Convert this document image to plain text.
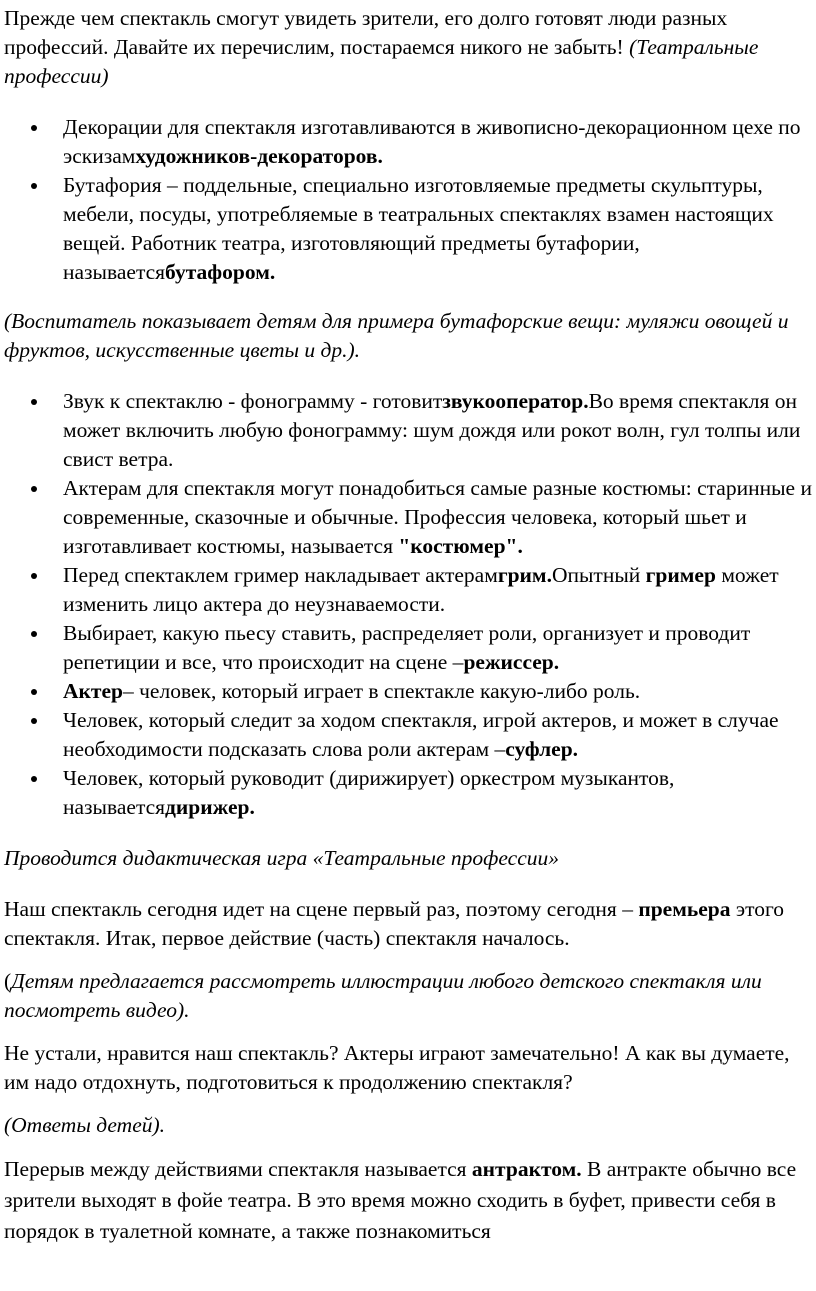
Прежде чем спектакль смогут увидеть зрители, его долго готовят люди разных профессий. Давайте их перечислим, постараемся никого не забыть! (Театральные профессии)

Декорации для спектакля изготавливаются в живописно-декорационном цехе по эскизамхудожников-декораторов.
Бутафория – поддельные, специально изготовляемые предметы скульптуры, мебели, посуды, употребляемые в театральных спектаклях взамен настоящих вещей. Работник театра, изготовляющий предметы бутафории, называетсябутафором.

(Воспитатель показывает детям для примера бутафорские вещи: муляжи овощей и фруктов, искусственные цветы и др.).

Звук к спектаклю - фонограмму - готовитзвукооператор.Во время спектакля он может включить любую фонограмму: шум дождя или рокот волн, гул толпы или свист ветра.
Актерам для спектакля могут понадобиться самые разные костюмы: старинные и современные, сказочные и обычные. Профессия человека, который шьет и изготавливает костюмы, называется "костюмер".
Перед спектаклем гример накладывает актерамгрим.Опытный гример может изменить лицо актера до неузнаваемости.
Выбирает, какую пьесу ставить, распределяет роли, организует и проводит репетиции и все, что происходит на сцене –режиссер.
Актер– человек, который играет в спектакле какую-либо роль.
Человек, который следит за ходом спектакля, игрой актеров, и может в случае необходимости подсказать слова роли актерам –суфлер.
Человек, который руководит (дирижирует) оркестром музыкантов, называетсядирижер.

Проводится дидактическая игра «Театральные профессии»

Наш спектакль сегодня идет на сцене первый раз, поэтому сегодня – премьера этого спектакля. Итак, первое действие (часть) спектакля началось.

(Детям предлагается рассмотреть иллюстрации любого детского спектакля или посмотреть видео).

Не устали, нравится наш спектакль? Актеры играют замечательно! А как вы думаете, им надо отдохнуть, подготовиться к продолжению спектакля?

(Ответы детей).

Перерыв между действиями спектакля называется антрактом. В антракте обычно все зрители выходят в фойе театра. В это время можно сходить в буфет, привести себя в порядок в туалетной комнате, а также познакомиться
